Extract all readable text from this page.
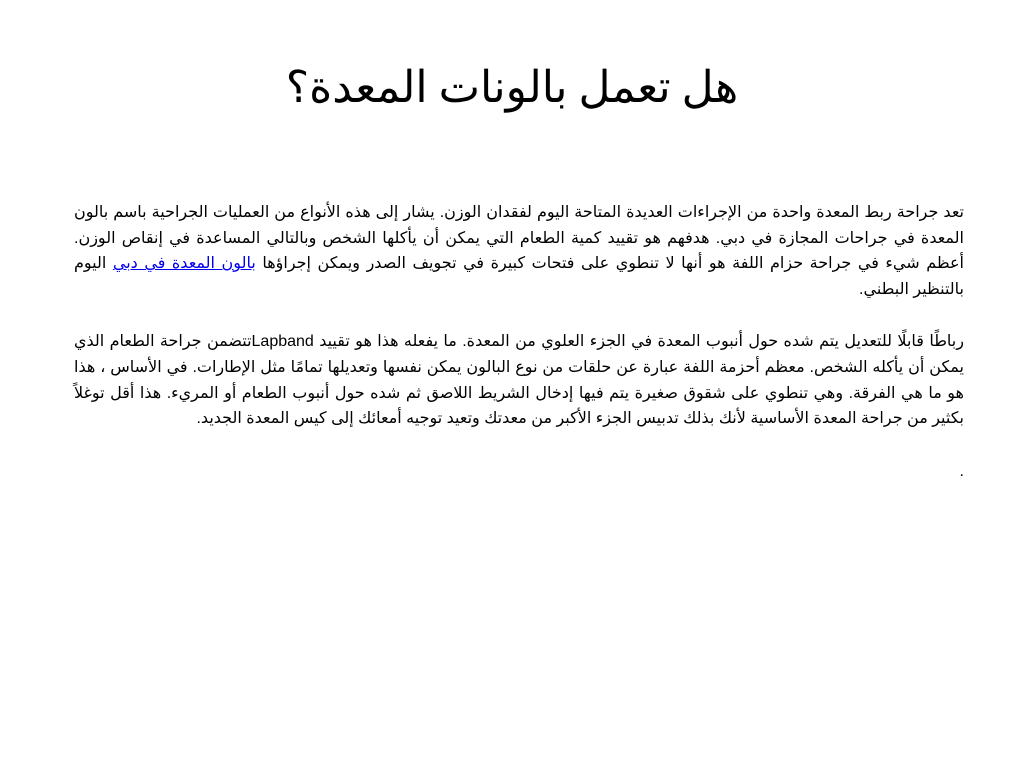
هل تعمل بالونات المعدة؟

تعد جراحة ربط المعدة واحدة من الإجراءات العديدة المتاحة اليوم لفقدان الوزن. يشار إلى هذه الأنواع من العمليات الجراحية باسم بالون المعدة في جراحات المجازة في دبي. هدفهم هو تقييد كمية الطعام التي يمكن أن يأكلها الشخص وبالتالي المساعدة في إنقاص الوزن. أعظم شيء في جراحة حزام اللفة هو أنها لا تنطوي على فتحات كبيرة في تجويف الصدر ويمكن إجراؤها بالون المعدة في دبي اليوم بالتنظير البطني.

رباطًا قابلًا للتعديل يتم شده حول أنبوب المعدة في الجزء العلوي من المعدة. ما يفعله هذا هو تقييد Lapbandتتضمن جراحة الطعام الذي يمكن أن يأكله الشخص. معظم أحزمة اللفة عبارة عن حلقات من نوع البالون يمكن نفسها وتعديلها تمامًا مثل الإطارات. في الأساس ، هذا هو ما هي الفرقة. وهي تنطوي على شقوق صغيرة يتم فيها إدخال الشريط اللاصق ثم شده حول أنبوب الطعام أو المريء. هذا أقل توغلاً بكثير من جراحة المعدة الأساسية لأنك بذلك تدبيس الجزء الأكبر من معدتك وتعيد توجيه أمعائك إلى كيس المعدة الجديد.

.
